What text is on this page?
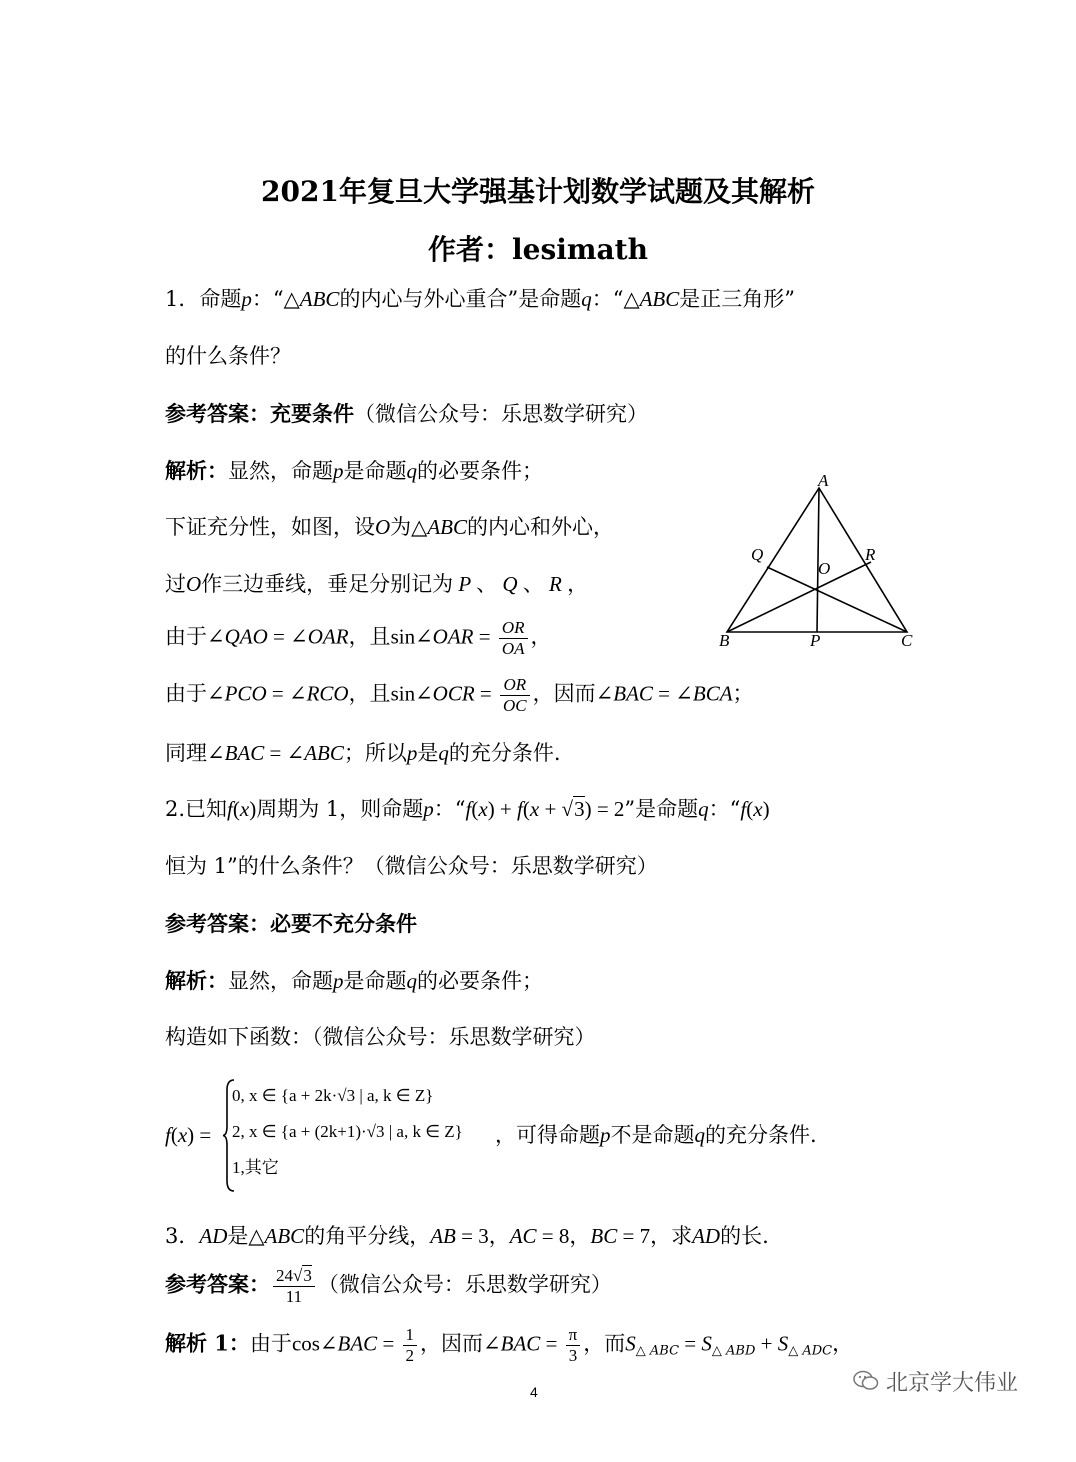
2021年复旦大学强基计划数学试题及其解析
作者：lesimath
1．命题p：“△ABC的内心与外心重合”是命题q：“△ABC是正三角形”
的什么条件？
参考答案：充要条件（微信公众号：乐思数学研究）
解析：显然，命题p是命题q的必要条件；
下证充分性，如图，设O为△ABC的内心和外心，
过O作三边垂线，垂足分别记为 P 、 Q 、 R ，
由于∠QAO = ∠OAR，且sin∠OAR = $\frac{OR}{OA}$ ，
由于∠PCO = ∠RCO，且sin∠OCR = $\frac{OR}{OC}$ ，因而∠BAC = ∠BCA；
同理∠BAC = ∠ABC；所以p是q的充分条件.
A
B	C
O
P
Q	R
2.已知f(x)周期为 1，则命题p：“f(x) + f(x + √3) = 2”是命题q：“f(x)
恒为 1”的什么条件？（微信公众号：乐思数学研究）
参考答案：必要不充分条件
解析：显然，命题p是命题q的必要条件；
构造如下函数：（微信公众号：乐思数学研究）
f(x) =
0, x ∈ {a + 2k·√3 | a, k ∈ Z}
2, x ∈ {a + (2k+1)·√3 | a, k ∈ Z}
1,其它
，可得命题p不是命题q的充分条件.
3．AD是△ABC的角平分线，AB = 3，AC = 8，BC = 7，求AD的长.
参考答案： $\frac{24√3}{11}$ （微信公众号：乐思数学研究）
解析 1：由于cos∠BAC = $\frac{1}{2}$ ，因而∠BAC = $\frac{\pi}{3}$ ，而$S_{\triangle ABC} = S_{\triangle ABD} + S_{\triangle ADC}$，
4	北京学大伟业
